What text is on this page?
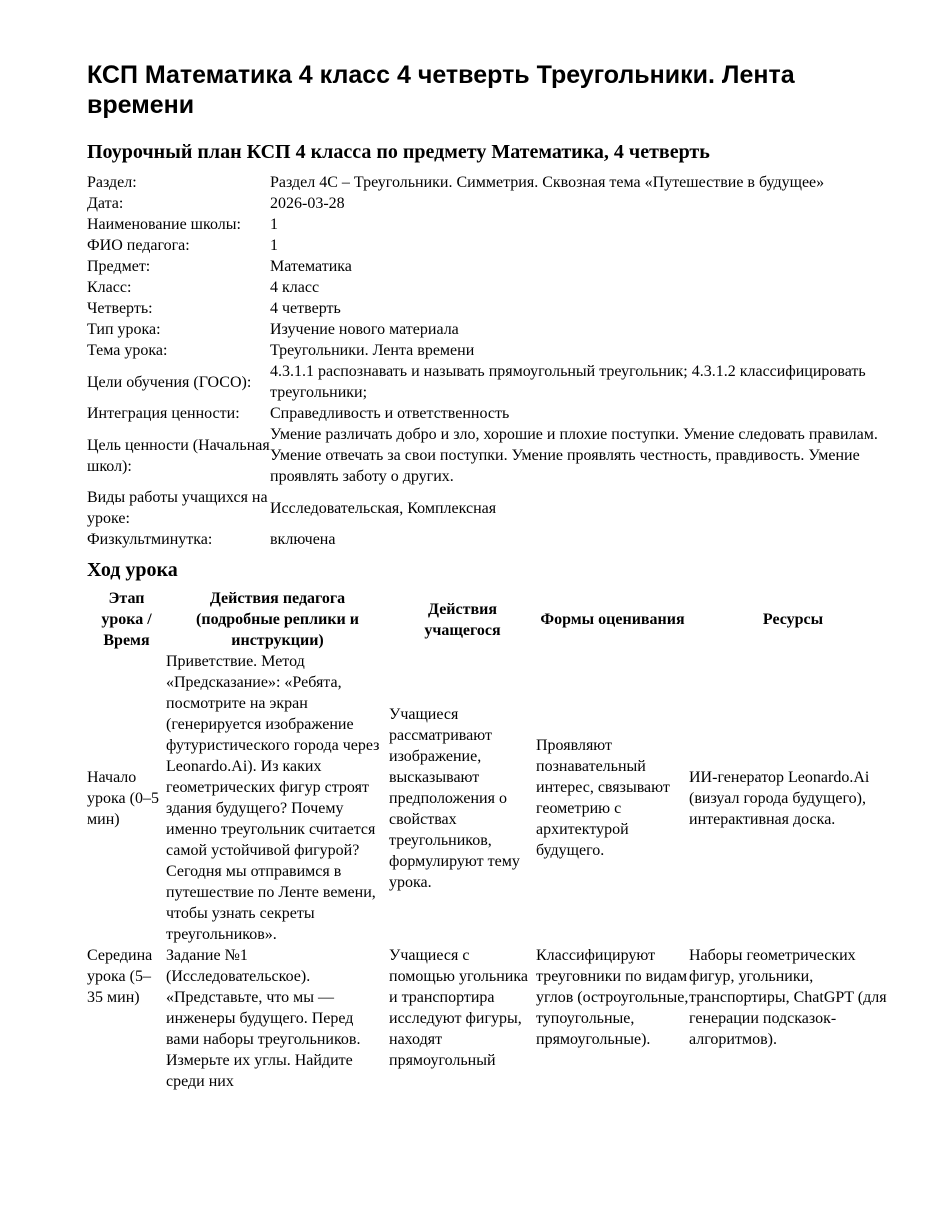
КСП Математика 4 класс 4 четверть Треугольники. Лента времени
Поурочный план КСП 4 класса по предмету Математика, 4 четверть
Раздел:	Раздел 4С – Треугольники. Симметрия. Сквозная тема «Путешествие в будущее»
Дата:	2026-03-28
Наименование школы:	1
ФИО педагога:	1
Предмет:	Математика
Класс:	4 класс
Четверть:	4 четверть
Тип урока:	Изучение нового материала
Тема урока:	Треугольники. Лента времени
Цели обучения (ГОСО):	4.3.1.1 распознавать и называть прямоугольный треугольник; 4.3.1.2 классифицировать треугольники;
Интеграция ценности:	Справедливость и ответственность
Цель ценности (Начальная школ):	Умение различать добро и зло, хорошие и плохие поступки. Умение следовать правилам. Умение отвечать за свои поступки. Умение проявлять честность, правдивость. Умение проявлять заботу о других.
Виды работы учащихся на уроке:	Исследовательская, Комплексная
Физкультминутка:	включена
Ход урока
Этап урока / Время	Действия педагога (подробные реплики и инструкции)	Действия учащегося	Формы оценивания	Ресурсы
Начало урока (0–5 мин)	Приветствие. Метод «Предсказание»: «Ребята, посмотрите на экран (генерируется изображение футуристического города через Leonardo.Ai). Из каких геометрических фигур строят здания будущего? Почему именно треугольник считается самой устойчивой фигурой? Сегодня мы отправимся в путешествие по Ленте вемени, чтобы узнать секреты треугольников».	Учащиеся рассматривают изображение, высказывают предположения о свойствах треугольников, формулируют тему урока.	Проявляют познавательный интерес, связывают геометрию с архитектурой будущего.	ИИ-генератор Leonardo.Ai (визуал города будущего), интерактивная доска.
Середина урока (5–35 мин)	Задание №1 (Исследовательское). «Представьте, что мы — инженеры будущего. Перед вами наборы треугольников. Измерьте их углы. Найдите среди них	Учащиеся с помощью угольника и транспортира исследуют фигуры, находят прямоугольный	Классифицируют треуговники по видам углов (остроугольные, тупоугольные, прямоугольные).	Наборы геометрических фигур, угольники, транспортиры, ChatGPT (для генерации подсказок-алгоритмов).
